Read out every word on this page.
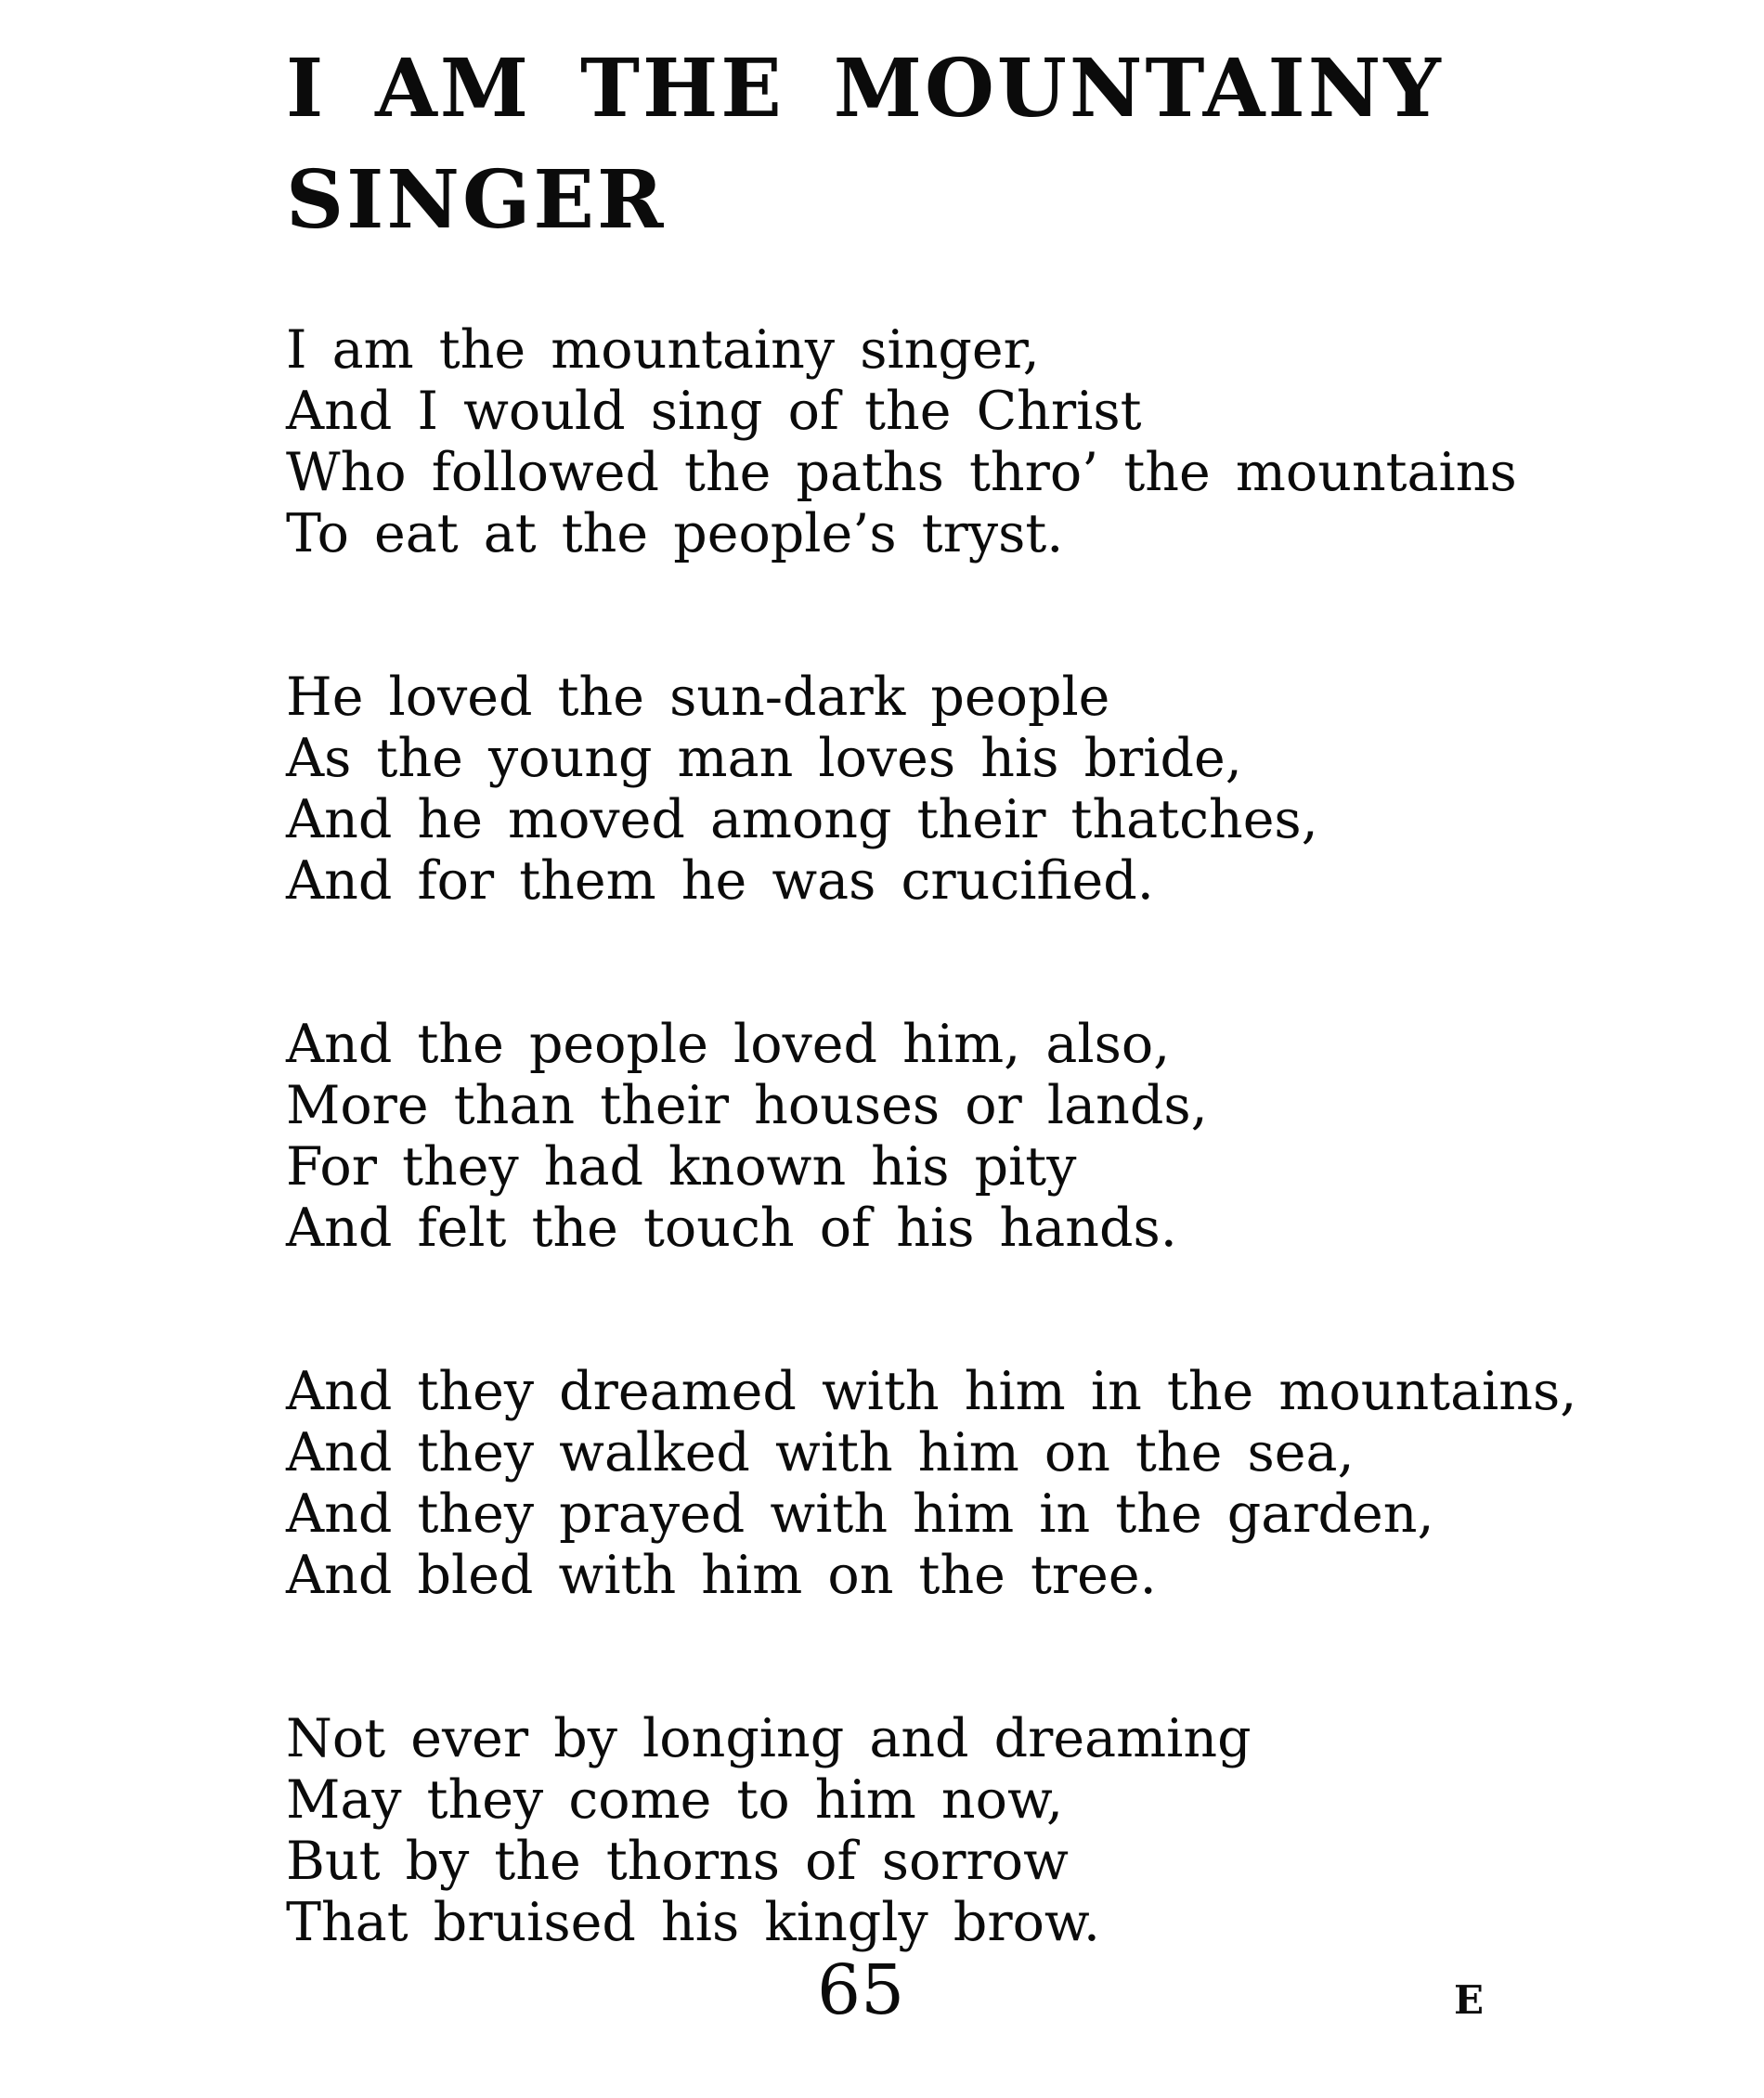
I AM THE MOUNTAINY
SINGER
I am the mountainy singer,
And I would sing of the Christ
Who followed the paths thro’ the mountains
To eat at the people’s tryst.
He loved the sun-dark people
As the young man loves his bride,
And he moved among their thatches,
And for them he was crucified.
And the people loved him, also,
More than their houses or lands,
For they had known his pity
And felt the touch of his hands.
And they dreamed with him in the mountains,
And they walked with him on the sea,
And they prayed with him in the garden,
And bled with him on the tree.
Not ever by longing and dreaming
May they come to him now,
But by the thorns of sorrow
That bruised his kingly brow.
65	E
